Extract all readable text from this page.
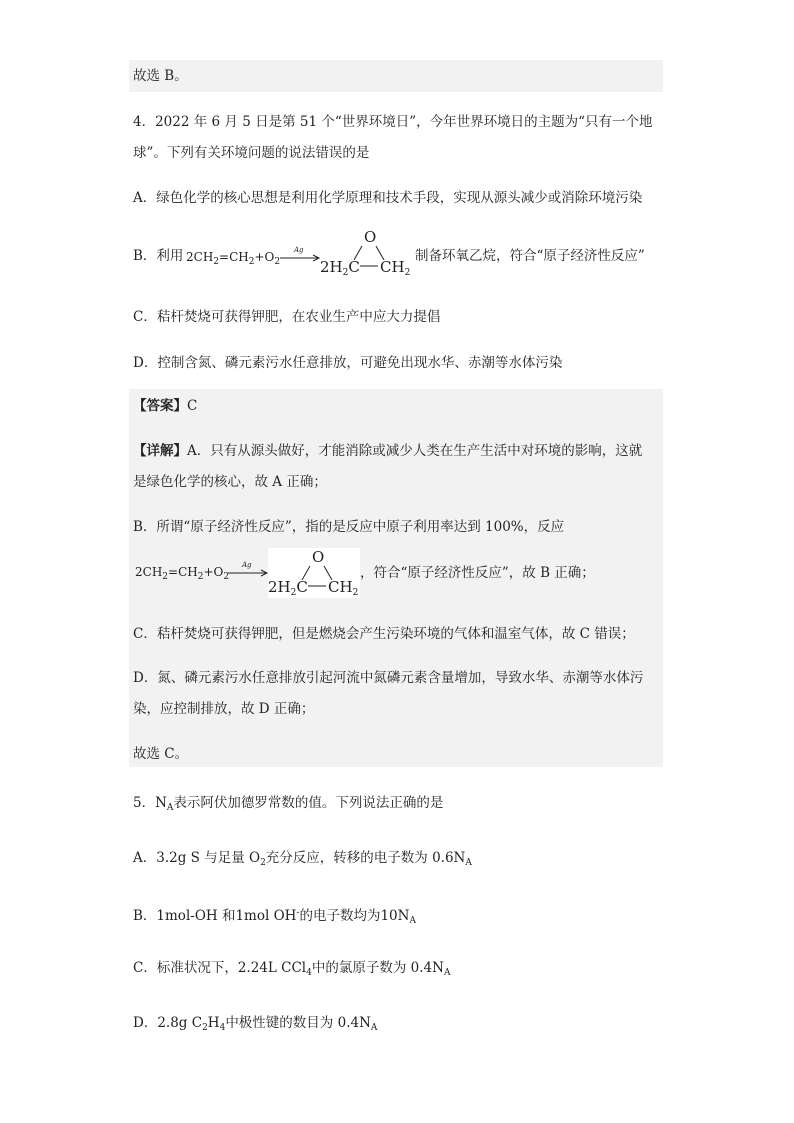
故选 B。
4．2022 年 6 月 5 日是第 51 个“世界环境日”，今年世界环境日的主题为“只有一个地
球”。下列有关环境问题的说法错误的是
A．绿色化学的核心思想是利用化学原理和技术手段，实现从源头减少或消除环境污染
B．利用 $2CH_2=CH_2+O_2$
Ag
O
$2H_2C$ $CH_2$
制备环氧乙烷，符合“原子经济性反应”
C．秸杆焚烧可获得钾肥，在农业生产中应大力提倡
D．控制含氮、磷元素污水任意排放，可避免出现水华、赤潮等水体污染
【答案】C
【详解】A．只有从源头做好，才能消除或减少人类在生产生活中对环境的影响，这就
是绿色化学的核心，故 A 正确；
B．所谓“原子经济性反应”，指的是反应中原子利用率达到 100%，反应
$2CH_2=CH_2+O_2$
Ag	O
$2H_2C$ $CH_2$
，符合“原子经济性反应”，故 B 正确；
C．秸杆焚烧可获得钾肥，但是燃烧会产生污染环境的气体和温室气体，故 C 错误；
D．氮、磷元素污水任意排放引起河流中氮磷元素含量增加，导致水华、赤潮等水体污
染，应控制排放，故 D 正确；
故选 C。
5．$N_A$表示阿伏加德罗常数的值。下列说法正确的是
A．3.2g S 与足量 $O_2$充分反应，转移的电子数为 $0.6N_A$
B．1mol-OH 和1mol OH-的电子数均为$10N_A$
C．标准状况下，2.24L CCl$_4$中的氯原子数为 $0.4N_A$
D．2.8g $C_2H_4$中极性键的数目为 $0.4N_A$
